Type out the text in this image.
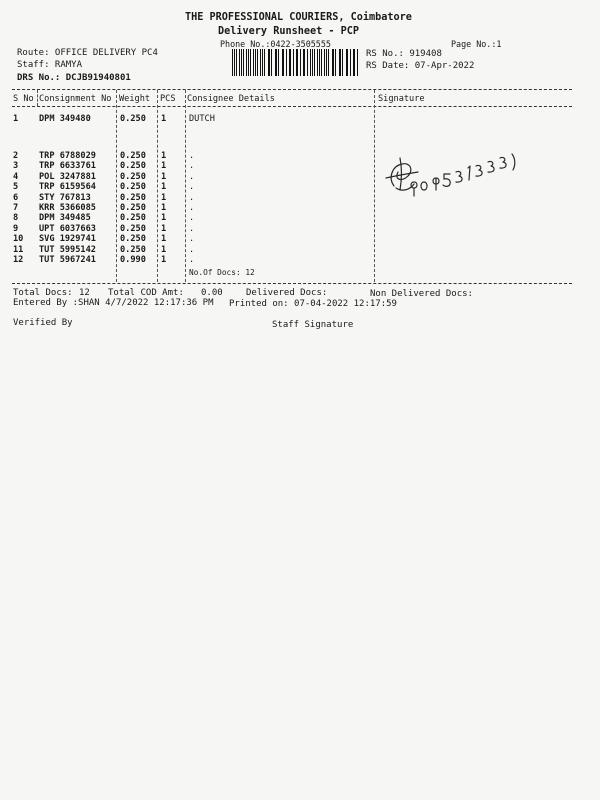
THE PROFESSIONAL COURIERS, Coimbatore
Delivery Runsheet - PCP
Phone No.:0422-3505555	Page No.:1
Route: OFFICE DELIVERY PC4
Staff: RAMYA
DRS No.: DCJB91940801
RS No.: 919408
RS Date: 07-Apr-2022
S No Consignment No Weight PCS Consignee Details	Signature
1 DPM 349480	0.250 1	DUTCH
2 TRP 6788029	0.250 1	.
3 TRP 6633761	0.250 1	.
4 POL 3247881	0.250 1	.
5 TRP 6159564	0.250 1	.
6 STY 767813	0.250 1	.
7 KRR 5366085	0.250 1	.
8 DPM 349485	0.250 1	.
9 UPT 6037663	0.250 1	.
10 SVG 1929741	0.250 1	.
11 TUT 5995142	0.250 1	.
12 TUT 5967241	0.990 1	.
No.Of Docs: 12
Total Docs: 12 Total COD Amt: 0.00	Delivered Docs:	Non Delivered Docs:
Entered By :SHAN 4/7/2022 12:17:36 PM Printed on: 07-04-2022 12:17:59
Verified By	Staff Signature
